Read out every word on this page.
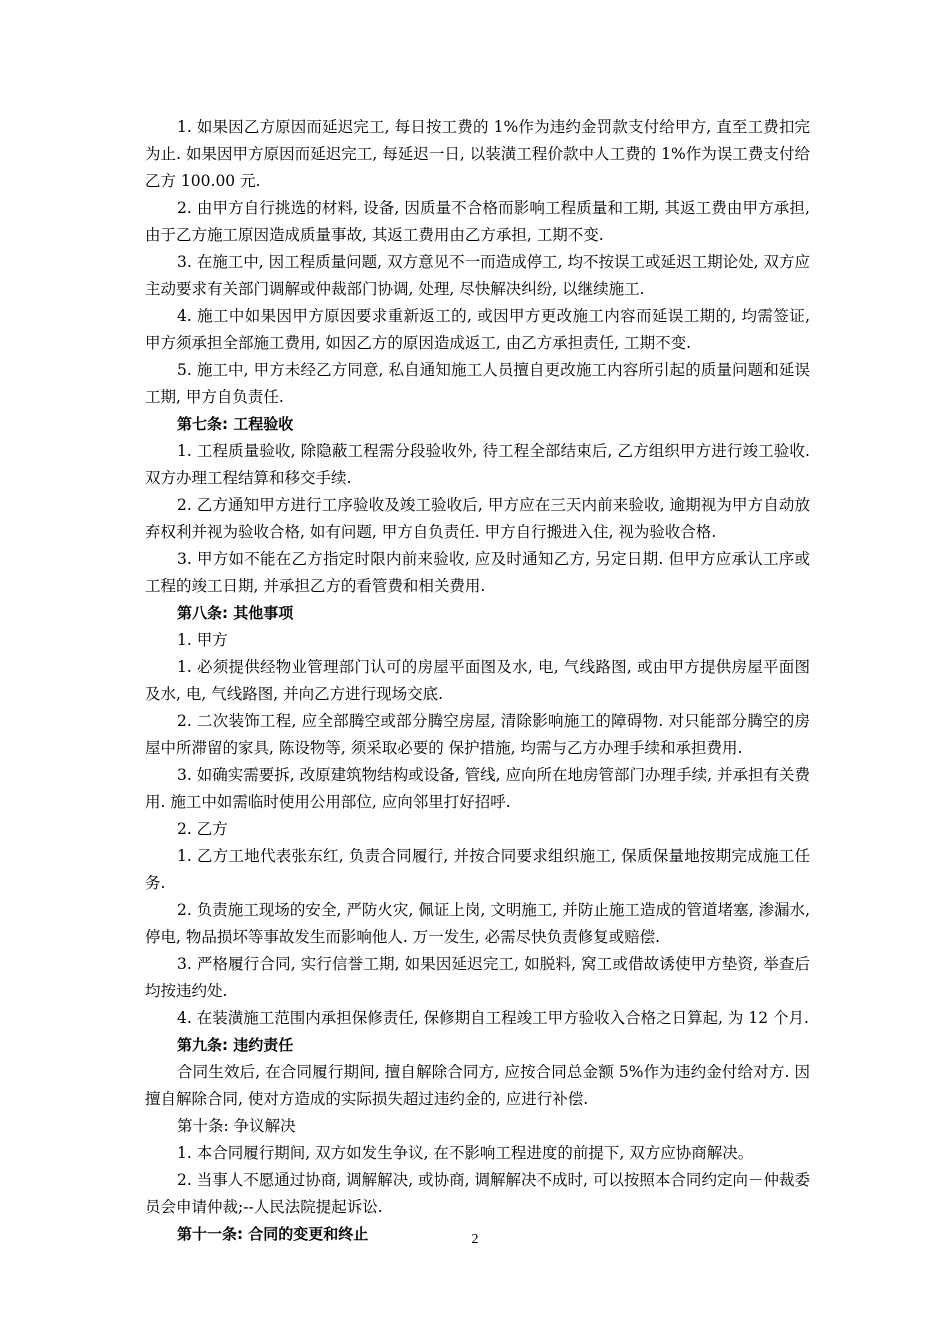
1. 如果因乙方原因而延迟完工, 每日按工费的 1%作为违约金罚款支付给甲方, 直至工费扣完为止. 如果因甲方原因而延迟完工, 每延迟一日, 以装潢工程价款中人工费的 1%作为误工费支付给乙方 100.00 元.
2. 由甲方自行挑选的材料, 设备, 因质量不合格而影响工程质量和工期, 其返工费由甲方承担, 由于乙方施工原因造成质量事故, 其返工费用由乙方承担, 工期不变.
3. 在施工中, 因工程质量问题, 双方意见不一而造成停工, 均不按误工或延迟工期论处, 双方应主动要求有关部门调解或仲裁部门协调, 处理, 尽快解决纠纷, 以继续施工.
4. 施工中如果因甲方原因要求重新返工的, 或因甲方更改施工内容而延误工期的, 均需签证, 甲方须承担全部施工费用, 如因乙方的原因造成返工, 由乙方承担责任, 工期不变.
5. 施工中, 甲方未经乙方同意, 私自通知施工人员擅自更改施工内容所引起的质量问题和延误工期, 甲方自负责任.
第七条: 工程验收
1. 工程质量验收, 除隐蔽工程需分段验收外, 待工程全部结束后, 乙方组织甲方进行竣工验收. 双方办理工程结算和移交手续.
2. 乙方通知甲方进行工序验收及竣工验收后, 甲方应在三天内前来验收, 逾期视为甲方自动放弃权利并视为验收合格, 如有问题, 甲方自负责任. 甲方自行搬进入住, 视为验收合格.
3. 甲方如不能在乙方指定时限内前来验收, 应及时通知乙方, 另定日期. 但甲方应承认工序或工程的竣工日期, 并承担乙方的看管费和相关费用.
第八条: 其他事项
1. 甲方
1. 必须提供经物业管理部门认可的房屋平面图及水, 电, 气线路图, 或由甲方提供房屋平面图及水, 电, 气线路图, 并向乙方进行现场交底.
2. 二次装饰工程, 应全部腾空或部分腾空房屋, 清除影响施工的障碍物. 对只能部分腾空的房屋中所滞留的家具, 陈设物等, 须采取必要的 保护措施, 均需与乙方办理手续和承担费用.
3. 如确实需要拆, 改原建筑物结构或设备, 管线, 应向所在地房管部门办理手续, 并承担有关费用. 施工中如需临时使用公用部位, 应向邻里打好招呼.
2. 乙方
1. 乙方工地代表张东红, 负责合同履行, 并按合同要求组织施工, 保质保量地按期完成施工任务.
2. 负责施工现场的安全, 严防火灾, 佩证上岗, 文明施工, 并防止施工造成的管道堵塞, 渗漏水, 停电, 物品损坏等事故发生而影响他人. 万一发生, 必需尽快负责修复或赔偿.
3. 严格履行合同, 实行信誉工期, 如果因延迟完工, 如脱料, 窝工或借故诱使甲方垫资, 举查后均按违约处.
4. 在装潢施工范围内承担保修责任, 保修期自工程竣工甲方验收入合格之日算起, 为 12 个月.
第九条: 违约责任
合同生效后, 在合同履行期间, 擅自解除合同方, 应按合同总金额 5%作为违约金付给对方. 因擅自解除合同, 使对方造成的实际损失超过违约金的, 应进行补偿.
第十条: 争议解决
1. 本合同履行期间, 双方如发生争议, 在不影响工程进度的前提下, 双方应协商解决。
2. 当事人不愿通过协商, 调解解决, 或协商, 调解解决不成时, 可以按照本合同约定向－仲裁委员会申请仲裁;--人民法院提起诉讼.
第十一条: 合同的变更和终止	2
